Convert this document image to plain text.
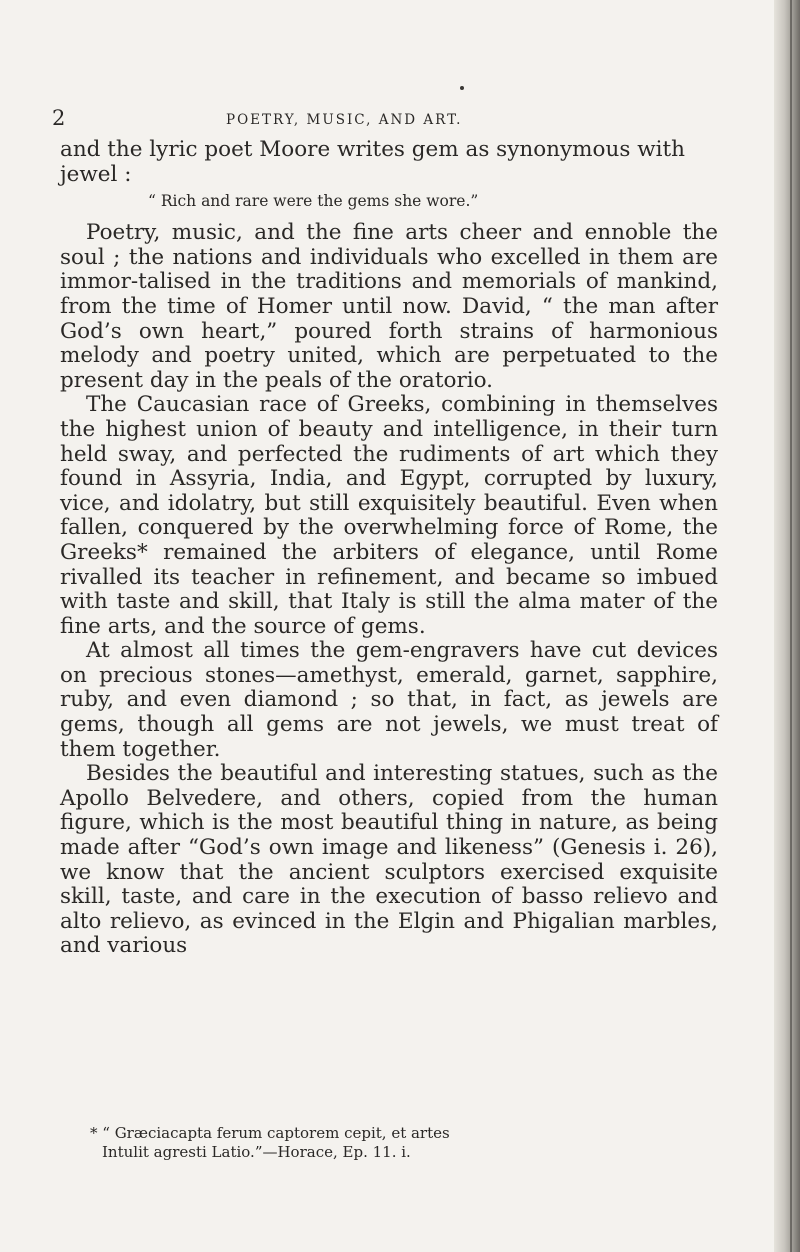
2	POETRY, MUSIC, AND ART.

and the lyric poet Moore writes gem as synonymous with jewel :

“ Rich and rare were the gems she wore.”

Poetry, music, and the fine arts cheer and ennoble the soul ; the nations and individuals who excelled in them are immor-talised in the traditions and memorials of mankind, from the time of Homer until now. David, “ the man after God’s own heart,” poured forth strains of harmonious melody and poetry united, which are perpetuated to the present day in the peals of the oratorio.

The Caucasian race of Greeks, combining in themselves the highest union of beauty and intelligence, in their turn held sway, and perfected the rudiments of art which they found in Assyria, India, and Egypt, corrupted by luxury, vice, and idolatry, but still exquisitely beautiful. Even when fallen, conquered by the overwhelming force of Rome, the Greeks* remained the arbiters of elegance, until Rome rivalled its teacher in refinement, and became so imbued with taste and skill, that Italy is still the alma mater of the fine arts, and the source of gems.

At almost all times the gem-engravers have cut devices on precious stones—amethyst, emerald, garnet, sapphire, ruby, and even diamond ; so that, in fact, as jewels are gems, though all gems are not jewels, we must treat of them together.

Besides the beautiful and interesting statues, such as the Apollo Belvedere, and others, copied from the human figure, which is the most beautiful thing in nature, as being made after “God’s own image and likeness” (Genesis i. 26), we know that the ancient sculptors exercised exquisite skill, taste, and care in the execution of basso relievo and alto relievo, as evinced in the Elgin and Phigalian marbles, and various

* “ Græciacapta ferum captorem cepit, et artes
Intulit agresti Latio.”—Horace, Ep. 11. i.
